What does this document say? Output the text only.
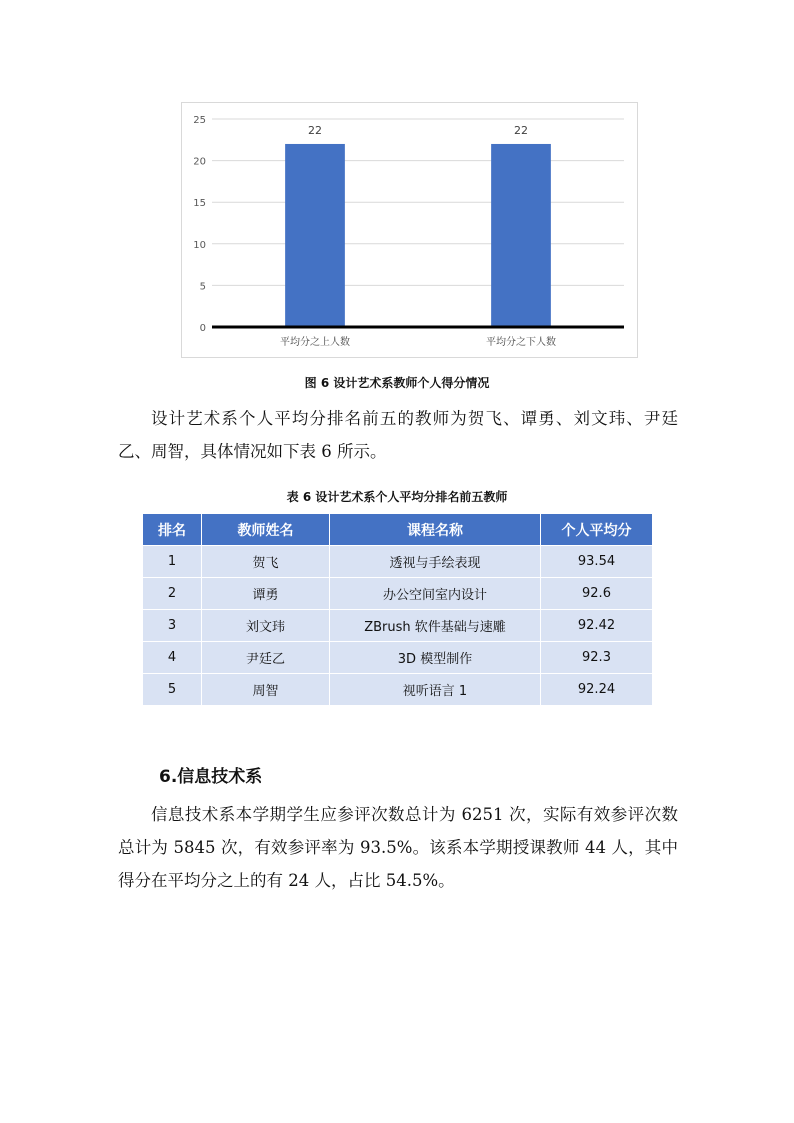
0
5
10
15
20
25
22
平均分之上人数
22
平均分之下人数
图 6 设计艺术系教师个人得分情况

设计艺术系个人平均分排名前五的教师为贺飞、谭勇、刘文玮、尹廷乙、周智，具体情况如下表 6 所示。

表 6 设计艺术系个人平均分排名前五教师
排名	教师姓名	课程名称	个人平均分
1	贺飞	透视与手绘表现	93.54
2	谭勇	办公空间室内设计	92.6
3	刘文玮	ZBrush 软件基础与速雕	92.42
4	尹廷乙	3D 模型制作	92.3
5	周智	视听语言 1	92.24
6.信息技术系

信息技术系本学期学生应参评次数总计为 6251 次，实际有效参评次数总计为 5845 次，有效参评率为 93.5%。该系本学期授课教师 44 人，其中得分在平均分之上的有 24 人，占比 54.5%。
